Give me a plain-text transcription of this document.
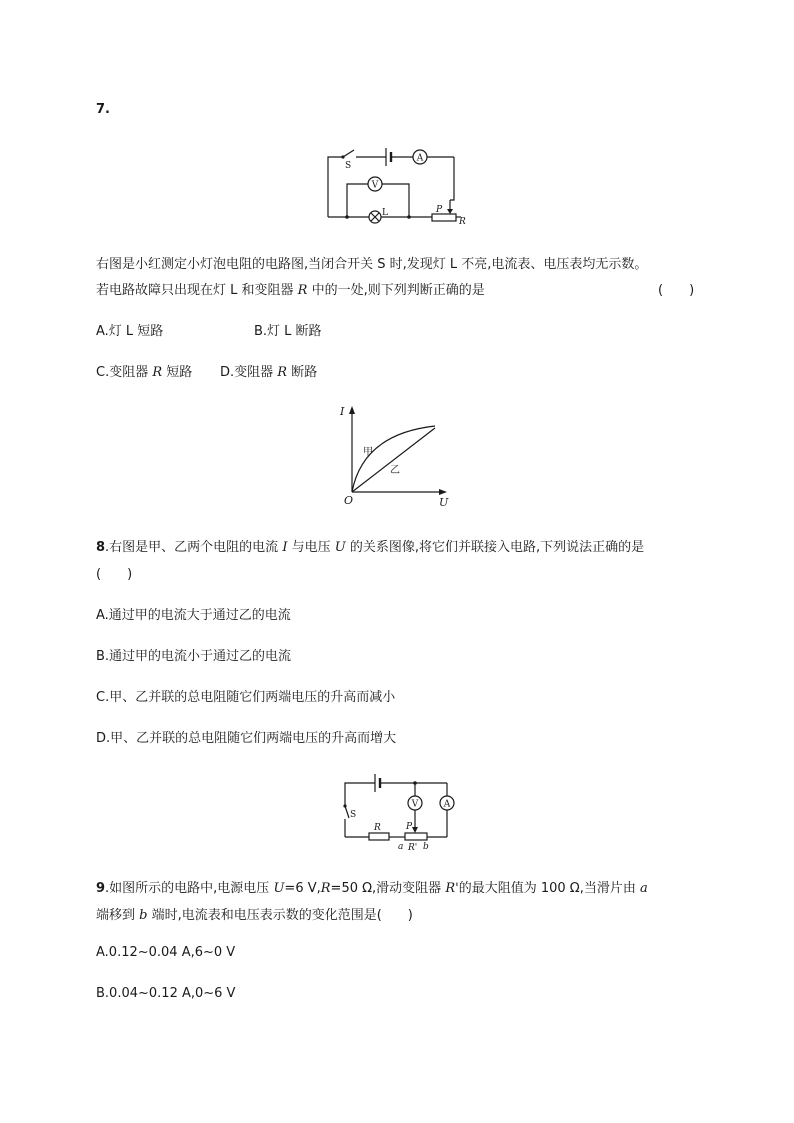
7.
A
V
S
L	P
R
右图是小红测定小灯泡电阻的电路图,当闭合开关 S 时,发现灯 L 不亮,电流表、电压表均无示数。
若电路故障只出现在灯 L 和变阻器 R 中的一处,则下列判断正确的是	(　　)
A.灯 L 短路	B.灯 L 断路
C.变阻器 R 短路 D.变阻器 R 断路
I
U
O
甲
乙
8.右图是甲、乙两个电阻的电流 I 与电压 U 的关系图像,将它们并联接入电路,下列说法正确的是
(　　)
A.通过甲的电流大于通过乙的电流
B.通过甲的电流小于通过乙的电流
C.甲、乙并联的总电阻随它们两端电压的升高而减小
D.甲、乙并联的总电阻随它们两端电压的升高而增大
V	A
S
R	P
a R' b
9.如图所示的电路中,电源电压 U=6 V,R=50 Ω,滑动变阻器 R'的最大阻值为 100 Ω,当滑片由 a
端移到 b 端时,电流表和电压表示数的变化范围是(　　)
A.0.12~0.04 A,6~0 V
B.0.04~0.12 A,0~6 V
